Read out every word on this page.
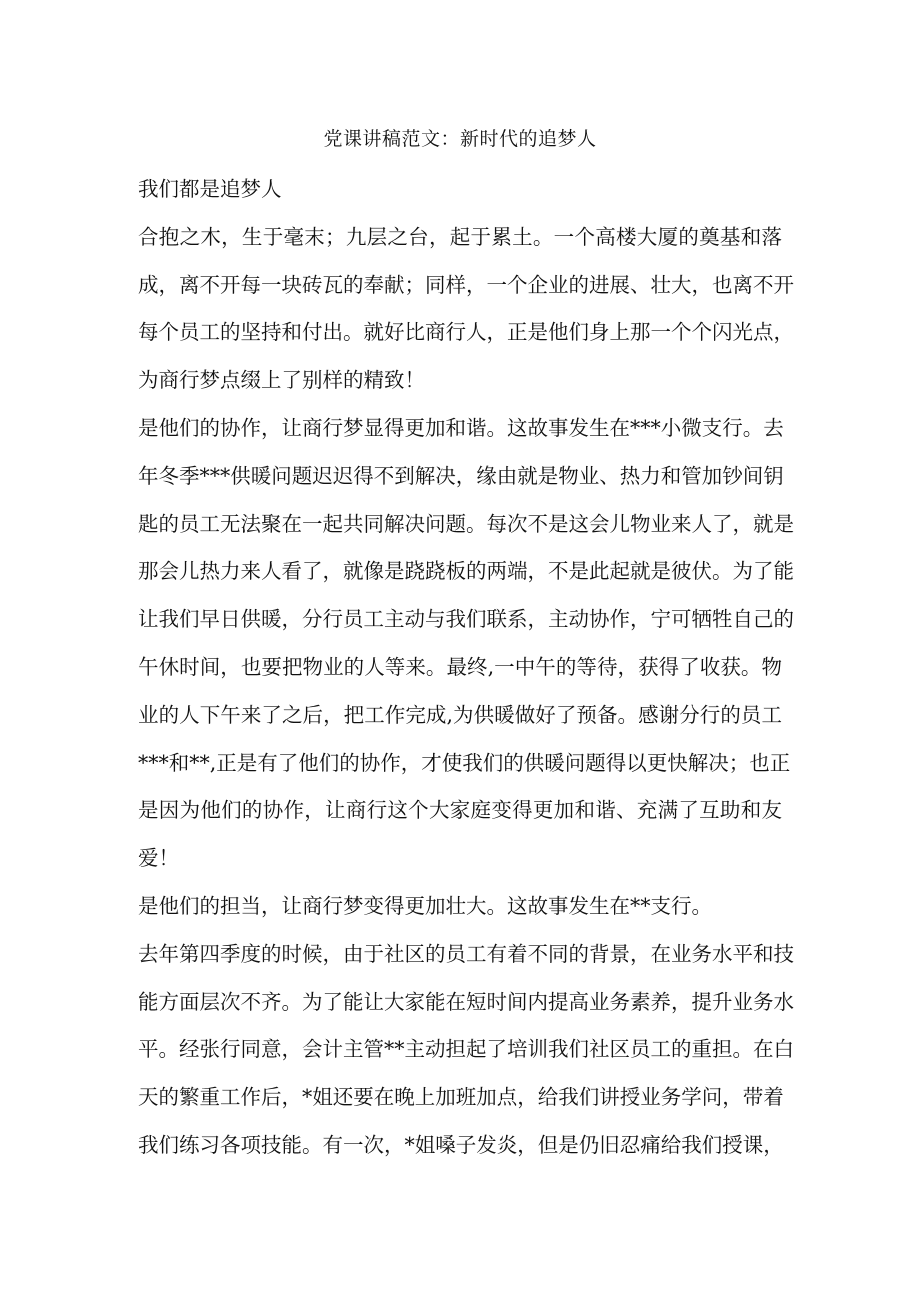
党课讲稿范文：新时代的追梦人
我们都是追梦人

合抱之木，生于毫末；九层之台，起于累土。一个高楼大厦的奠基和落
成，离不开每一块砖瓦的奉献；同样，一个企业的进展、壮大，也离不开
每个员工的坚持和付出。就好比商行人，正是他们身上那一个个闪光点，
为商行梦点缀上了别样的精致！

是他们的协作，让商行梦显得更加和谐。这故事发生在***小微支行。去
年冬季***供暖问题迟迟得不到解决，缘由就是物业、热力和管加钞间钥
匙的员工无法聚在一起共同解决问题。每次不是这会儿物业来人了，就是
那会儿热力来人看了，就像是跷跷板的两端，不是此起就是彼伏。为了能
让我们早日供暖，分行员工主动与我们联系，主动协作，宁可牺牲自己的
午休时间，也要把物业的人等来。最终,一中午的等待，获得了收获。物
业的人下午来了之后，把工作完成,为供暖做好了预备。感谢分行的员工
***和**,正是有了他们的协作，才使我们的供暖问题得以更快解决；也正
是因为他们的协作，让商行这个大家庭变得更加和谐、充满了互助和友
爱！

是他们的担当，让商行梦变得更加壮大。这故事发生在**支行。

去年第四季度的时候，由于社区的员工有着不同的背景，在业务水平和技
能方面层次不齐。为了能让大家能在短时间内提高业务素养，提升业务水
平。经张行同意，会计主管**主动担起了培训我们社区员工的重担。在白
天的繁重工作后，*姐还要在晚上加班加点，给我们讲授业务学问，带着
我们练习各项技能。有一次，*姐嗓子发炎，但是仍旧忍痛给我们授课，
